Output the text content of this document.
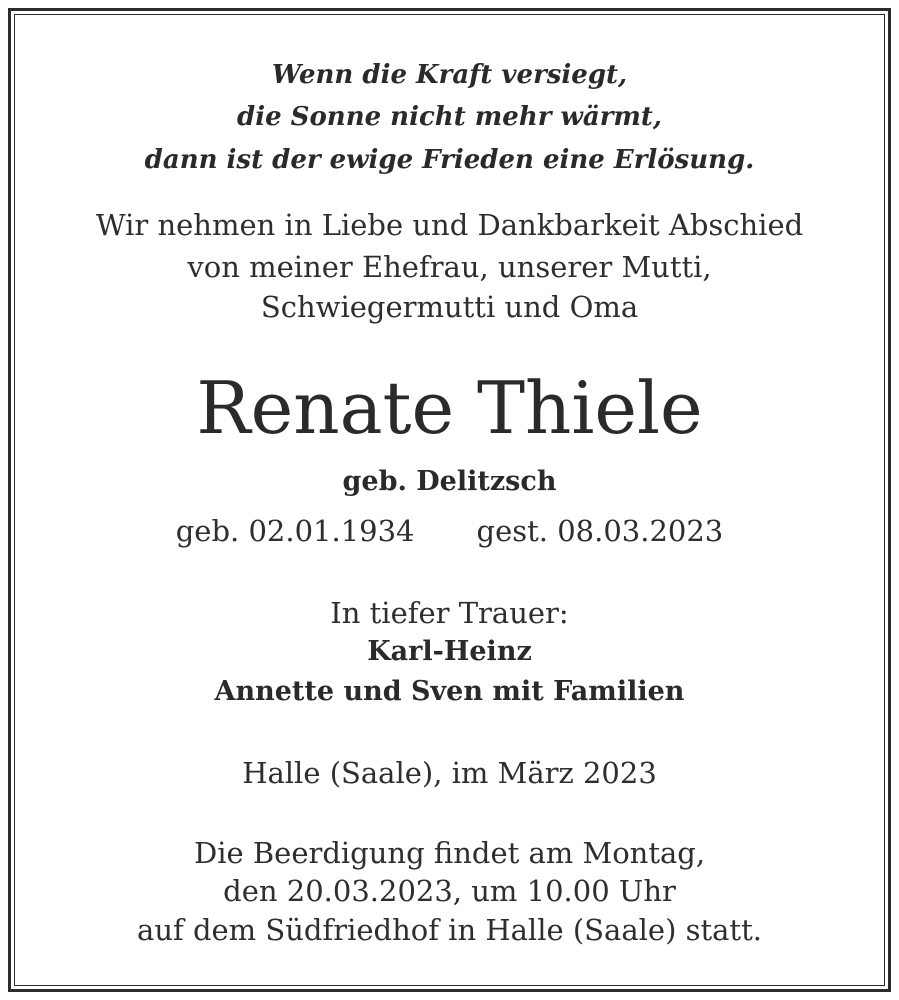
Wenn die Kraft versiegt,
die Sonne nicht mehr wärmt,
dann ist der ewige Frieden eine Erlösung.
Wir nehmen in Liebe und Dankbarkeit Abschied
von meiner Ehefrau, unserer Mutti,
Schwiegermutti und Oma
Renate Thiele
geb. Delitzsch
geb. 02.01.1934 gest. 08.03.2023
In tiefer Trauer:
Karl-Heinz
Annette und Sven mit Familien
Halle (Saale), im März 2023
Die Beerdigung findet am Montag,
den 20.03.2023, um 10.00 Uhr
auf dem Südfriedhof in Halle (Saale) statt.
